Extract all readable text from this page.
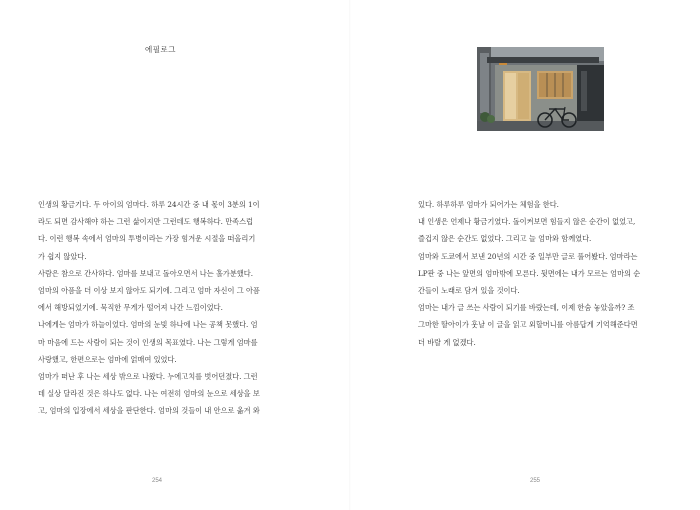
에필로그

인생의 황금기다. 두 아이의 엄마다. 하루 24시간 중 내 몫이 3분의 1이

라도 되면 감사해야 하는 그런 삶이지만 그런데도 행복하다. 만족스럽

다. 이런 행복 속에서 엄마의 투병이라는 가장 힘겨운 시절을 떠올리기

가 쉽지 않았다.

사람은 참으로 간사하다. 엄마를 보내고 돌아오면서 나는 홀가분했다.

엄마의 아픔을 더 이상 보지 않아도 되기에. 그리고 엄마 자신이 그 아픔

에서 해방되었기에. 묵직한 무게가 떨어져 나간 느낌이었다.

나에게는 엄마가 하늘이었다. 엄마의 눈빛 하나에 나는 공책 못했다. 엄

마 마음에 드는 사람이 되는 것이 인생의 목표였다. 나는 그렇게 엄마를

사랑했고, 한편으로는 엄마에 얽매여 있었다.

엄마가 떠난 후 나는 세상 밖으로 나왔다. 누에고치를 벗어던졌다. 그런

데 실상 달라진 것은 하나도 없다. 나는 여전히 엄마의 눈으로 세상을 보

고, 엄마의 입장에서 세상을 판단한다. 엄마의 것들이 내 안으로 옮겨 와

254

있다. 하루하루 엄마가 되어가는 체험을 한다.

내 인생은 언제나 황금기였다. 돌이켜보면 힘들지 않은 순간이 없었고,

즐겁지 않은 순간도 없었다. 그리고 늘 엄마와 함께였다.

엄마와 도쿄에서 보낸 20년의 시간 중 일부만 글로 풀어봤다. 엄마라는

LP판 중 나는 앞면의 엄마밖에 모른다. 뒷면에는 내가 모르는 엄마의 순

간들이 노래로 담겨 있을 것이다.

엄마는 내가 글 쓰는 사람이 되기를 바랐는데, 이제 한숨 놓았을까? 조

그마한 딸아이가 훗날 이 글을 읽고 외할머니를 아름답게 기억해준다면

더 바랄 게 없겠다.

255
